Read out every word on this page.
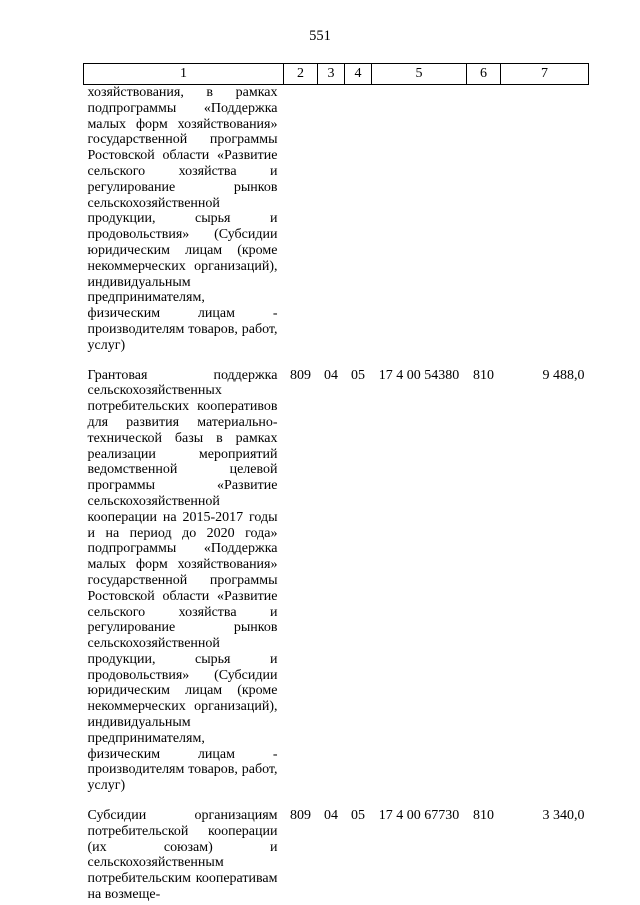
551
1	2	3	4	5	6	7
хозяйствования, в рамках подпрограммы «Поддержка малых форм хозяйствования» государственной программы Ростовской области «Развитие сельского хозяйства и регулирование рынков сельскохозяйственной продукции, сырья и продовольствия» (Субсидии юридическим лицам (кроме некоммерческих организаций), индивидуальным предпринимателям, физическим лицам - производителям товаров, работ, услуг)						

Грантовая поддержка сельскохозяйственных потребительских кооперативов для развития материально-технической базы в рамках реализации мероприятий ведомственной целевой программы «Развитие сельскохозяйственной кооперации на 2015-2017 годы и на период до 2020 года» подпрограммы «Поддержка малых форм хозяйствования» государственной программы Ростовской области «Развитие сельского хозяйства и регулирование рынков сельскохозяйственной продукции, сырья и продовольствия» (Субсидии юридическим лицам (кроме некоммерческих организаций), индивидуальным предпринимателям, физическим лицам - производителям товаров, работ, услуг)	809	04	05	17 4 00 54380	810	9 488,0

Субсидии организациям потребительской кооперации (их союзам) и сельскохозяйственным потребительским кооперативам на возмеще-	809	04	05	17 4 00 67730	810	3 340,0
